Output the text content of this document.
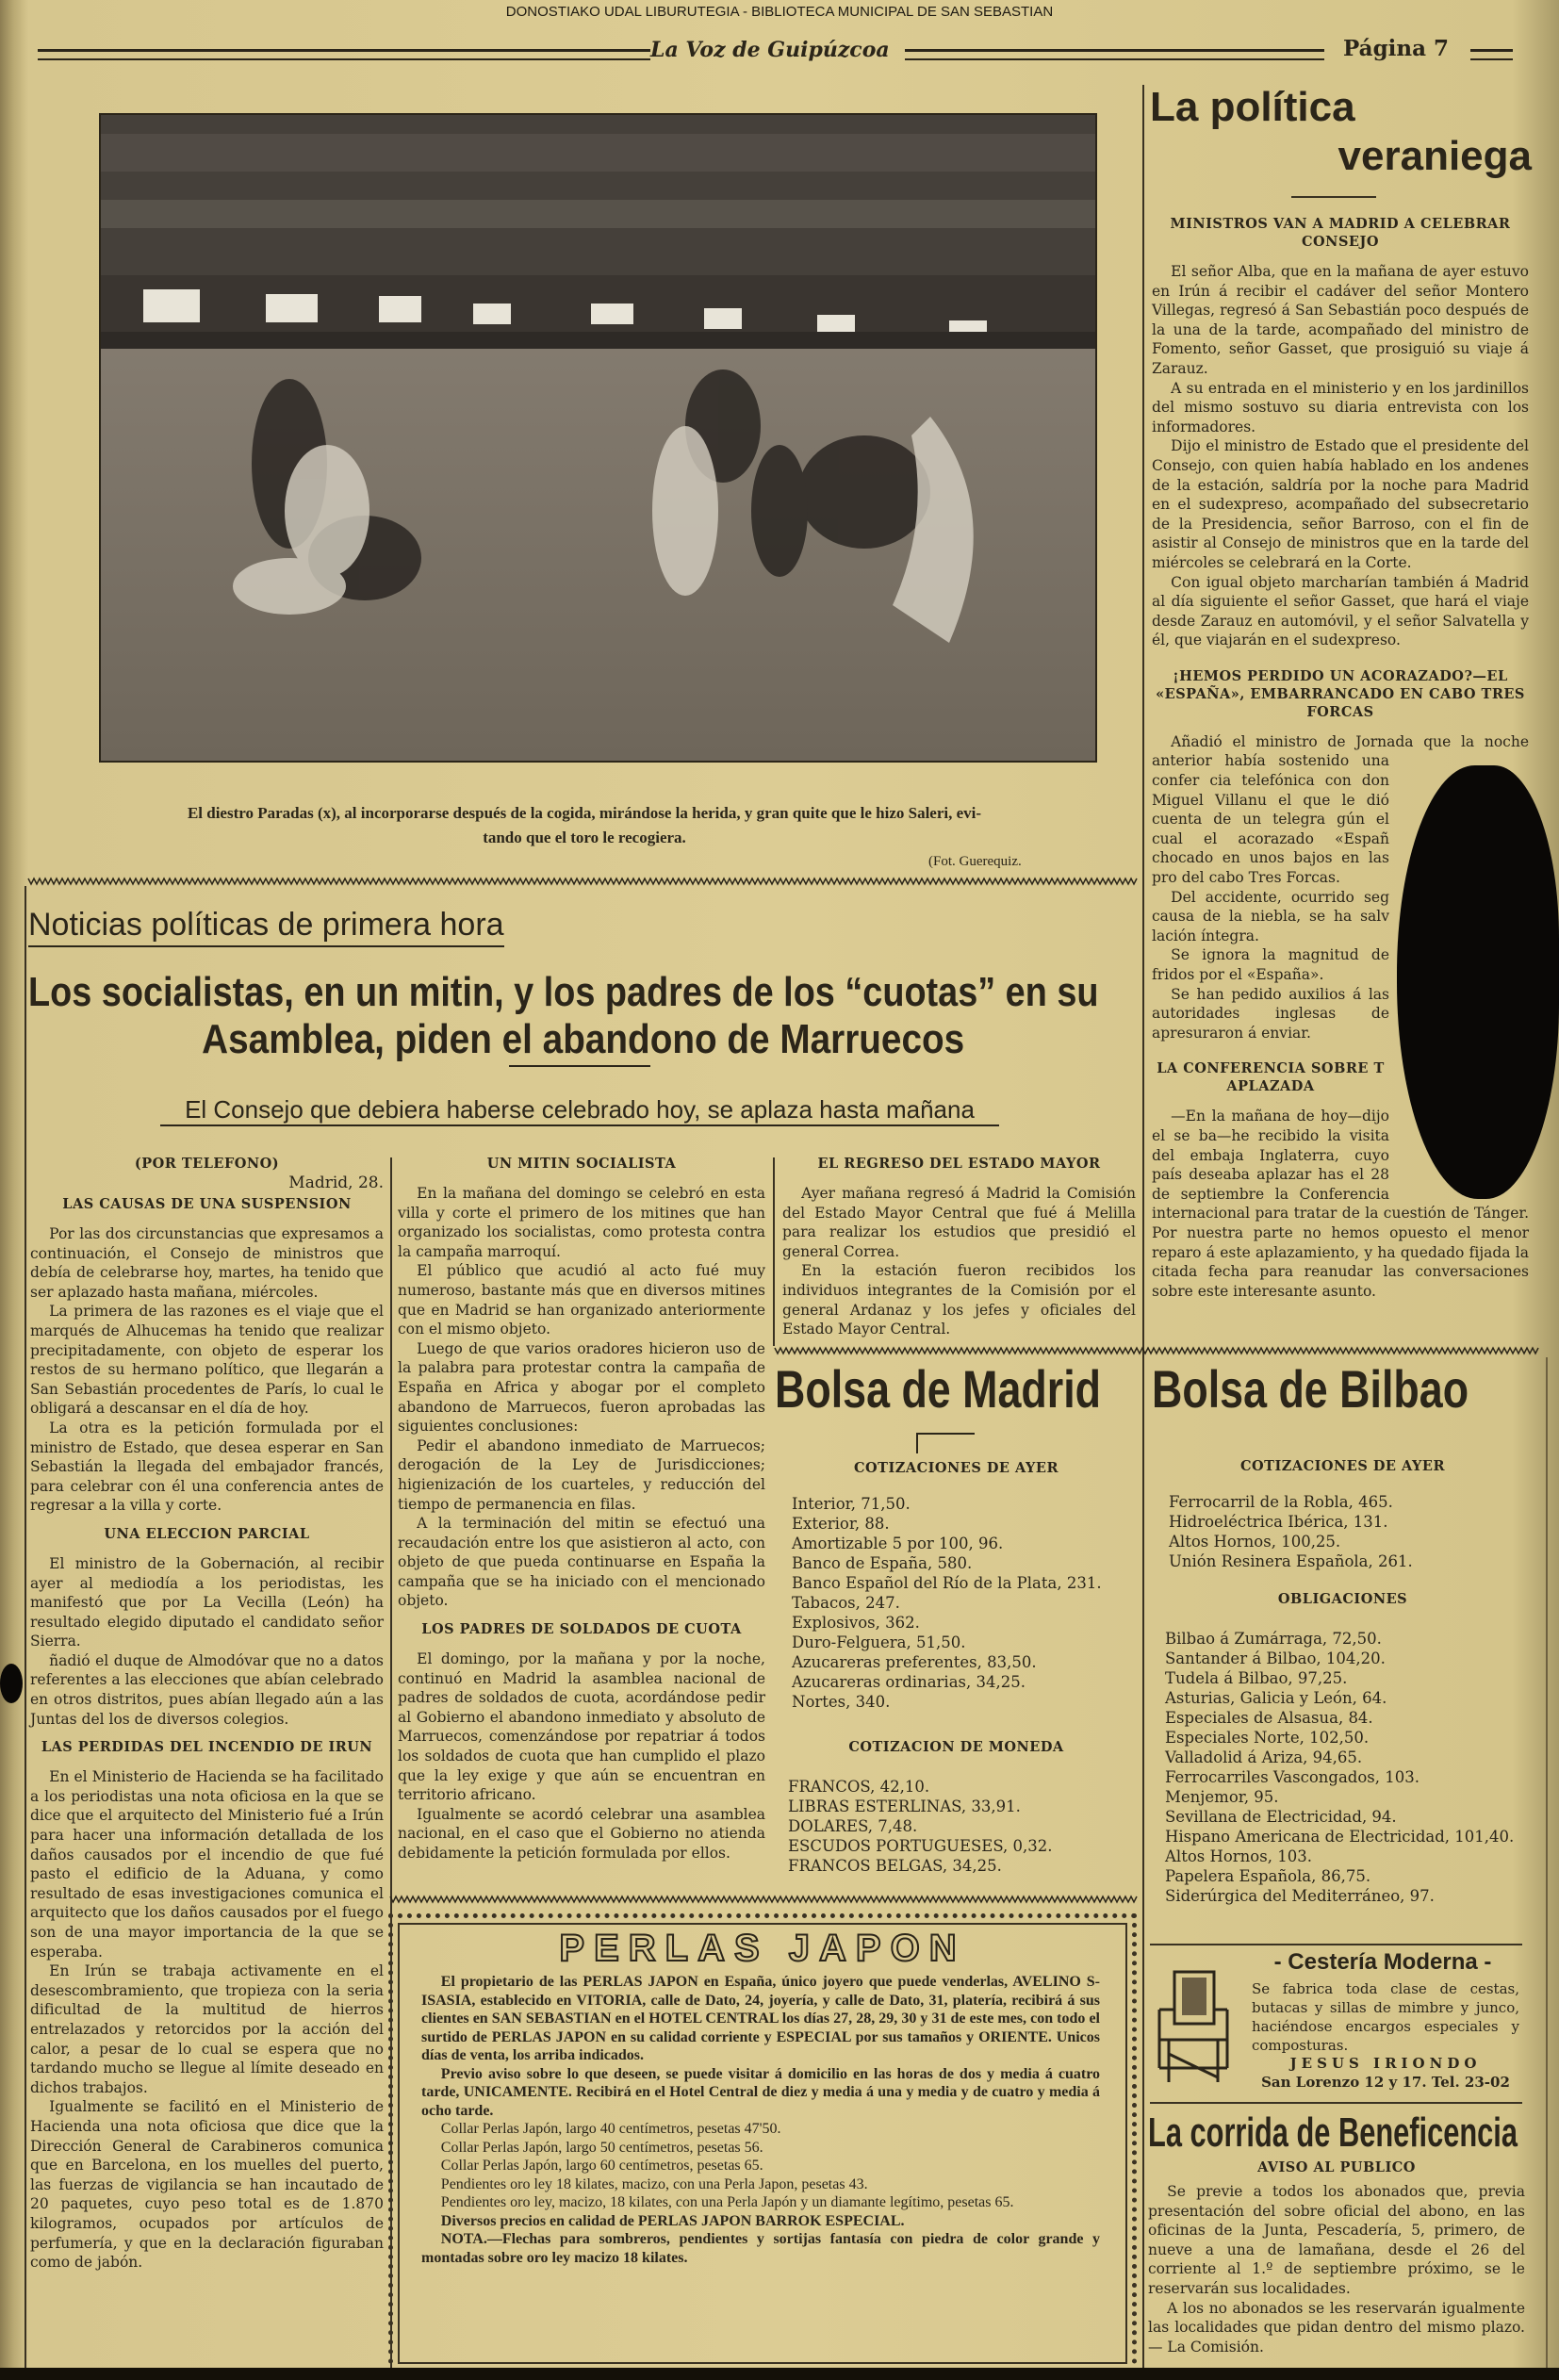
DONOSTIAKO UDAL LIBURUTEGIA - BIBLIOTECA MUNICIPAL DE SAN SEBASTIAN
La Voz de Guipúzcoa	Página 7
El diestro Paradas (x), al incorporarse después de la cogida, mirándose la herida, y gran quite que le hizo Saleri, evi-
tando que el toro le recogiera.
(Fot. Guerequiz.
Noticias políticas de primera hora
Los socialistas, en un mitin, y los padres de los “cuotas” en su
Asamblea, piden el abandono de Marruecos
El Consejo que debiera haberse celebrado hoy, se aplaza hasta mañana
(POR TELEFONO)
Madrid, 28.
LAS CAUSAS DE UNA SUSPENSION

Por las dos circunstancias que expresamos a continuación, el Consejo de ministros que debía de celebrarse hoy, martes, ha tenido que ser aplazado hasta mañana, miércoles.

La primera de las razones es el viaje que el marqués de Alhucemas ha tenido que realizar precipitadamente, con objeto de esperar los restos de su hermano político, que llegarán a San Sebastián procedentes de París, lo cual le obligará a descansar en el día de hoy.

La otra es la petición formulada por el ministro de Estado, que desea esperar en San Sebastián la llegada del embajador francés, para celebrar con él una conferencia antes de regresar a la villa y corte.

UNA ELECCION PARCIAL

El ministro de la Gobernación, al recibir ayer al mediodía a los periodistas, les manifestó que por La Vecilla (León) ha resultado elegido diputado el candidato señor Sierra.

ñadió el duque de Almodóvar que no a datos referentes a las elecciones que abían celebrado en otros distritos, pues abían llegado aún a las Juntas del los de diversos colegios.

LAS PERDIDAS DEL INCENDIO DE IRUN

En el Ministerio de Hacienda se ha facilitado a los periodistas una nota oficiosa en la que se dice que el arquitecto del Ministerio fué a Irún para hacer una información detallada de los daños causados por el incendio de que fué pasto el edificio de la Aduana, y como resultado de esas investigaciones comunica el arquitecto que los daños causados por el fuego son de una mayor importancia de la que se esperaba.

En Irún se trabaja activamente en el desescombramiento, que tropieza con la seria dificultad de la multitud de hierros entrelazados y retorcidos por la acción del calor, a pesar de lo cual se espera que no tardando mucho se llegue al límite deseado en dichos trabajos.

Igualmente se facilitó en el Ministerio de Hacienda una nota oficiosa que dice que la Dirección General de Carabineros comunica que en Barcelona, en los muelles del puerto, las fuerzas de vigilancia se han incautado de 20 paquetes, cuyo peso total es de 1.870 kilogramos, ocupados por artículos de perfumería, y que en la declaración figuraban como de jabón.

UN MITIN SOCIALISTA

En la mañana del domingo se celebró en esta villa y corte el primero de los mitines que han organizado los socialistas, como protesta contra la campaña marroquí.

El público que acudió al acto fué muy numeroso, bastante más que en diversos mitines que en Madrid se han organizado anteriormente con el mismo objeto.

Luego de que varios oradores hicieron uso de la palabra para protestar contra la campaña de España en Africa y abogar por el completo abandono de Marruecos, fueron aprobadas las siguientes conclusiones:

Pedir el abandono inmediato de Marruecos; derogación de la Ley de Jurisdicciones; higienización de los cuarteles, y reducción del tiempo de permanencia en filas.

A la terminación del mitin se efectuó una recaudación entre los que asistieron al acto, con objeto de que pueda continuarse en España la campaña que se ha iniciado con el mencionado objeto.

LOS PADRES DE SOLDADOS DE CUOTA

El domingo, por la mañana y por la noche, continuó en Madrid la asamblea nacional de padres de soldados de cuota, acordándose pedir al Gobierno el abandono inmediato y absoluto de Marruecos, comenzándose por repatriar á todos los soldados de cuota que han cumplido el plazo que la ley exige y que aún se encuentran en territorio africano.

Igualmente se acordó celebrar una asamblea nacional, en el caso que el Gobierno no atienda debidamente la petición formulada por ellos.

EL REGRESO DEL ESTADO MAYOR

Ayer mañana regresó á Madrid la Comisión del Estado Mayor Central que fué á Melilla para realizar los estudios que presidió el general Correa.

En la estación fueron recibidos los individuos integrantes de la Comisión por el general Ardanaz y los jefes y oficiales del Estado Mayor Central.

Bolsa de Madrid
COTIZACIONES DE AYER
Interior, 71,50.
Exterior, 88.
Amortizable 5 por 100, 96.
Banco de España, 580.
Banco Español del Río de la Plata, 231.
Tabacos, 247.
Explosivos, 362.
Duro-Felguera, 51,50.
Azucareras preferentes, 83,50.
Azucareras ordinarias, 34,25.
Nortes, 340.
COTIZACION DE MONEDA
FRANCOS, 42,10.
LIBRAS ESTERLINAS, 33,91.
DOLARES, 7,48.
ESCUDOS PORTUGUESES, 0,32.
FRANCOS BELGAS, 34,25.
La política
veraniega
MINISTROS VAN A MADRID A CELEBRAR CONSEJO

El señor Alba, que en la mañana de ayer estuvo en Irún á recibir el cadáver del señor Montero Villegas, regresó á San Sebastián poco después de la una de la tarde, acompañado del ministro de Fomento, señor Gasset, que prosiguió su viaje á Zarauz.

A su entrada en el ministerio y en los jardinillos del mismo sostuvo su diaria entrevista con los informadores.

Dijo el ministro de Estado que el presidente del Consejo, con quien había hablado en los andenes de la estación, saldría por la noche para Madrid en el sudexpreso, acompañado del subsecretario de la Presidencia, señor Barroso, con el fin de asistir al Consejo de ministros que en la tarde del miércoles se celebrará en la Corte.

Con igual objeto marcharían también á Madrid al día siguiente el señor Gasset, que hará el viaje desde Zarauz en automóvil, y el señor Salvatella y él, que viajarán en el sudexpreso.

¡HEMOS PERDIDO UN ACORAZADO?—EL «ESPAÑA», EMBARRANCADO EN CABO TRES FORCAS

Añadió el ministro de Jornada que la noche anterior había sostenido una confer cia telefónica con don Miguel Villanu el que le dió cuenta de un telegra gún el cual el acorazado «Españ chocado en unos bajos en las pro del cabo Tres Forcas.

Del accidente, ocurrido seg causa de la niebla, se ha salv lación íntegra.

Se ignora la magnitud de fridos por el «España».

Se han pedido auxilios á las autoridades inglesas de apresuraron á enviar.

LA CONFERENCIA SOBRE T APLAZADA

—En la mañana de hoy—dijo el se ba—he recibido la visita del embaja Inglaterra, cuyo país deseaba aplazar has el 28 de septiembre la Conferencia internacional para tratar de la cuestión de Tánger. Por nuestra parte no hemos opuesto el menor reparo á este aplazamiento, y ha quedado fijada la citada fecha para reanudar las conversaciones sobre este interesante asunto.

Bolsa de Bilbao
COTIZACIONES DE AYER
Ferrocarril de la Robla, 465.
Hidroeléctrica Ibérica, 131.
Altos Hornos, 100,25.
Unión Resinera Española, 261.
OBLIGACIONES
Bilbao á Zumárraga, 72,50.
Santander á Bilbao, 104,20.
Tudela á Bilbao, 97,25.
Asturias, Galicia y León, 64.
Especiales de Alsasua, 84.
Especiales Norte, 102,50.
Valladolid á Ariza, 94,65.
Ferrocarriles Vascongados, 103.
Menjemor, 95.
Sevillana de Electricidad, 94.
Hispano Americana de Electricidad, 101,40.
Altos Hornos, 103.
Papelera Española, 86,75.
Siderúrgica del Mediterráneo, 97.
- Cestería Moderna -
Se fabrica toda clase de cestas, butacas y sillas de mimbre y junco, haciéndose encargos especiales y composturas.
JESUS IRIONDO
San Lorenzo 12 y 17. Tel. 23-02
La corrida de Beneficencia
AVISO AL PUBLICO

Se previe a todos los abonados que, previa presentación del sobre oficial del abono, en las oficinas de la Junta, Pescadería, 5, primero, de nueve a una de lamañana, desde el 26 del corriente al 1.º de septiembre próximo, se le reservarán sus localidades.

A los no abonados se les reservarán igualmente las localidades que pidan dentro del mismo plazo. — La Comisión.

PERLAS JAPON

El propietario de las PERLAS JAPON en España, único joyero que puede venderlas, AVELINO S-ISASIA, establecido en VITORIA, calle de Dato, 24, joyería, y calle de Dato, 31, platería, recibirá á sus clientes en SAN SEBASTIAN en el HOTEL CENTRAL los días 27, 28, 29, 30 y 31 de este mes, con todo el surtido de PERLAS JAPON en su calidad corriente y ESPECIAL por sus tamaños y ORIENTE. Unicos días de venta, los arriba indicados.

Previo aviso sobre lo que deseen, se puede visitar á domicilio en las horas de dos y media á cuatro tarde, UNICAMENTE. Recibirá en el Hotel Central de diez y media á una y media y de cuatro y media á ocho tarde.

Collar Perlas Japón, largo 40 centímetros, pesetas 47'50.

Collar Perlas Japón, largo 50 centímetros, pesetas 56.

Collar Perlas Japón, largo 60 centímetros, pesetas 65.

Pendientes oro ley 18 kilates, macizo, con una Perla Japon, pesetas 43.

Pendientes oro ley, macizo, 18 kilates, con una Perla Japón y un diamante legítimo, pesetas 65.

Diversos precios en calidad de PERLAS JAPON BARROK ESPECIAL.

NOTA.—Flechas para sombreros, pendientes y sortijas fantasía con piedra de color grande y montadas sobre oro ley macizo 18 kilates.
